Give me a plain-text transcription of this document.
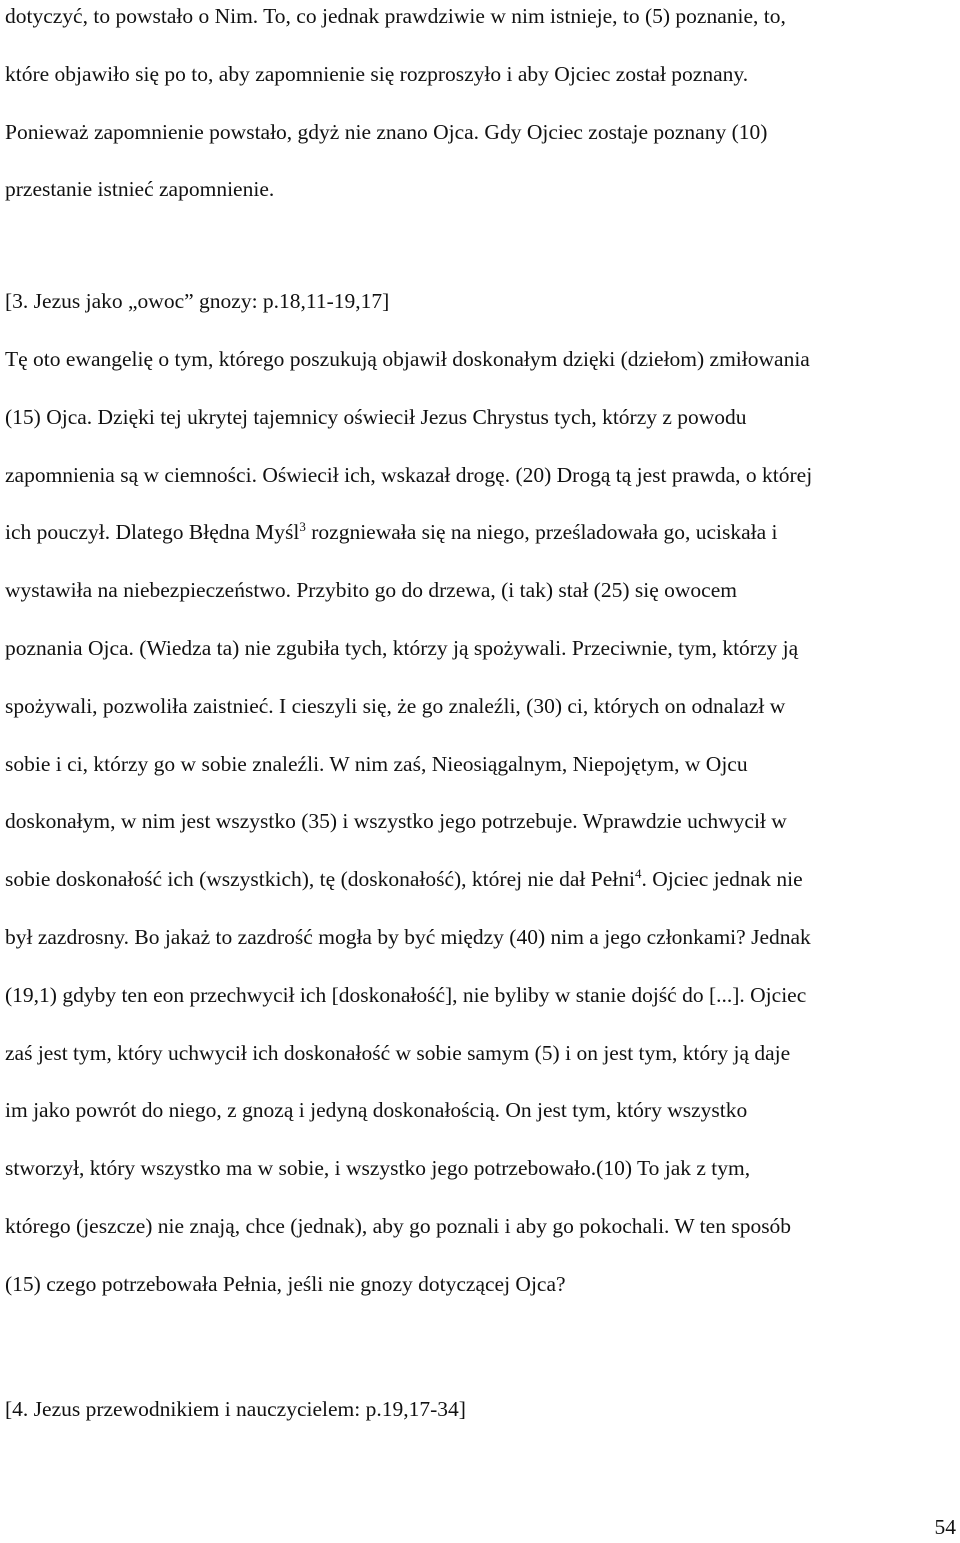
dotyczyć, to powstało o Nim. To, co jednak prawdziwie w nim istnieje, to (5) poznanie, to,
które objawiło się po to, aby zapomnienie się rozproszyło i aby Ojciec został poznany.
Ponieważ zapomnienie powstało, gdyż nie znano Ojca. Gdy Ojciec zostaje poznany (10)
przestanie istnieć zapomnienie.
[3. Jezus jako „owoc” gnozy: p.18,11-19,17]
Tę oto ewangelię o tym, którego poszukują objawił doskonałym dzięki (dziełom) zmiłowania
(15) Ojca. Dzięki tej ukrytej tajemnicy oświecił Jezus Chrystus tych, którzy z powodu
zapomnienia są w ciemności. Oświecił ich, wskazał drogę. (20) Drogą tą jest prawda, o której
ich pouczył. Dlatego Błędna Myśl$^3$ rozgniewała się na niego, prześladowała go, uciskała i
wystawiła na niebezpieczeństwo. Przybito go do drzewa, (i tak) stał (25) się owocem
poznania Ojca. (Wiedza ta) nie zgubiła tych, którzy ją spożywali. Przeciwnie, tym, którzy ją
spożywali, pozwoliła zaistnieć. I cieszyli się, że go znaleźli, (30) ci, których on odnalazł w
sobie i ci, którzy go w sobie znaleźli. W nim zaś, Nieosiągalnym, Niepojętym, w Ojcu
doskonałym, w nim jest wszystko (35) i wszystko jego potrzebuje. Wprawdzie uchwycił w
sobie doskonałość ich (wszystkich), tę (doskonałość), której nie dał Pełni$^4$. Ojciec jednak nie
był zazdrosny. Bo jakaż to zazdrość mogła by być między (40) nim a jego członkami? Jednak
(19,1) gdyby ten eon przechwycił ich [doskonałość], nie byliby w stanie dojść do [...]. Ojciec
zaś jest tym, który uchwycił ich doskonałość w sobie samym (5) i on jest tym, który ją daje
im jako powrót do niego, z gnozą i jedyną doskonałością. On jest tym, który wszystko
stworzył, który wszystko ma w sobie, i wszystko jego potrzebowało.(10) To jak z tym,
którego (jeszcze) nie znają, chce (jednak), aby go poznali i aby go pokochali. W ten sposób
(15) czego potrzebowała Pełnia, jeśli nie gnozy dotyczącej Ojca?
[4. Jezus przewodnikiem i nauczycielem: p.19,17-34]
54
